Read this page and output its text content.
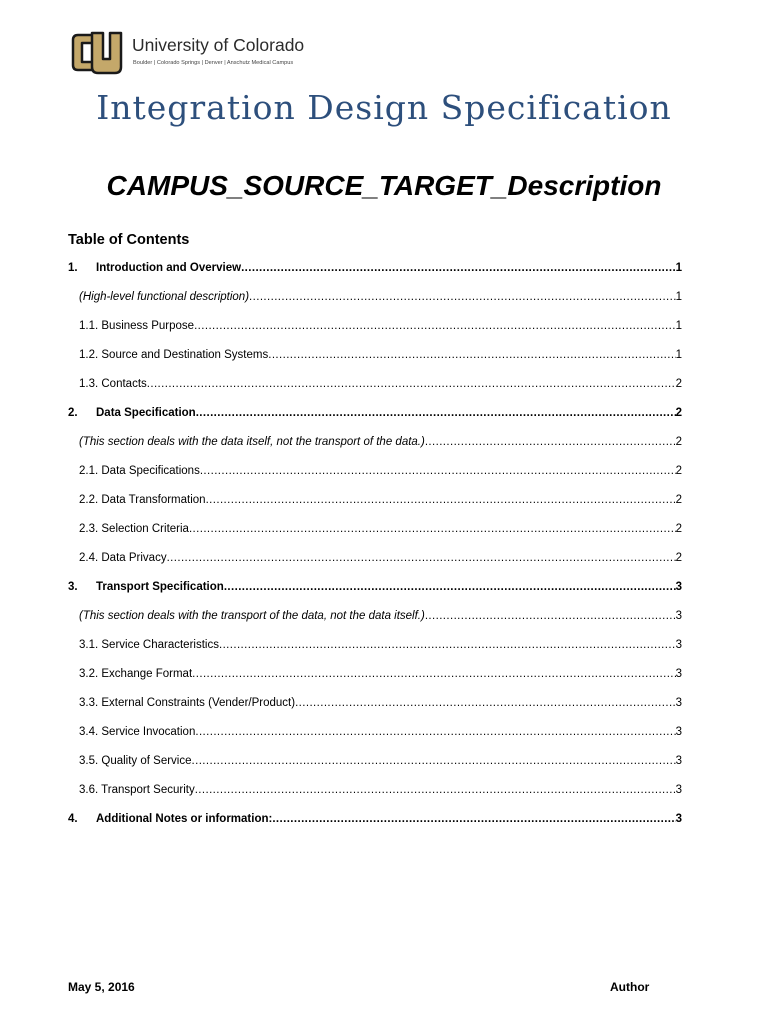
University of Colorado
Boulder | Colorado Springs | Denver | Anschutz Medical Campus
Integration Design Specification
CAMPUS_SOURCE_TARGET_Description
Table of Contents
1. Introduction and Overview .....	1
(High-level functional description) .....	1
1.1. Business Purpose .....	1
1.2. Source and Destination Systems .....	1
1.3. Contacts .....	2
2. Data Specification .....	2
(This section deals with the data itself, not the transport of the data.) .....	2
2.1. Data Specifications .....	2
2.2. Data Transformation .....	2
2.3. Selection Criteria .....	2
2.4. Data Privacy .....	2
3. Transport Specification .....	3
(This section deals with the transport of the data, not the data itself.) .....	3
3.1. Service Characteristics .....	3
3.2. Exchange Format .....	3
3.3. External Constraints (Vender/Product) .....	3
3.4. Service Invocation .....	3
3.5. Quality of Service .....	3
3.6. Transport Security .....	3
4. Additional Notes or information: .....	3
May 5, 2016	Author
